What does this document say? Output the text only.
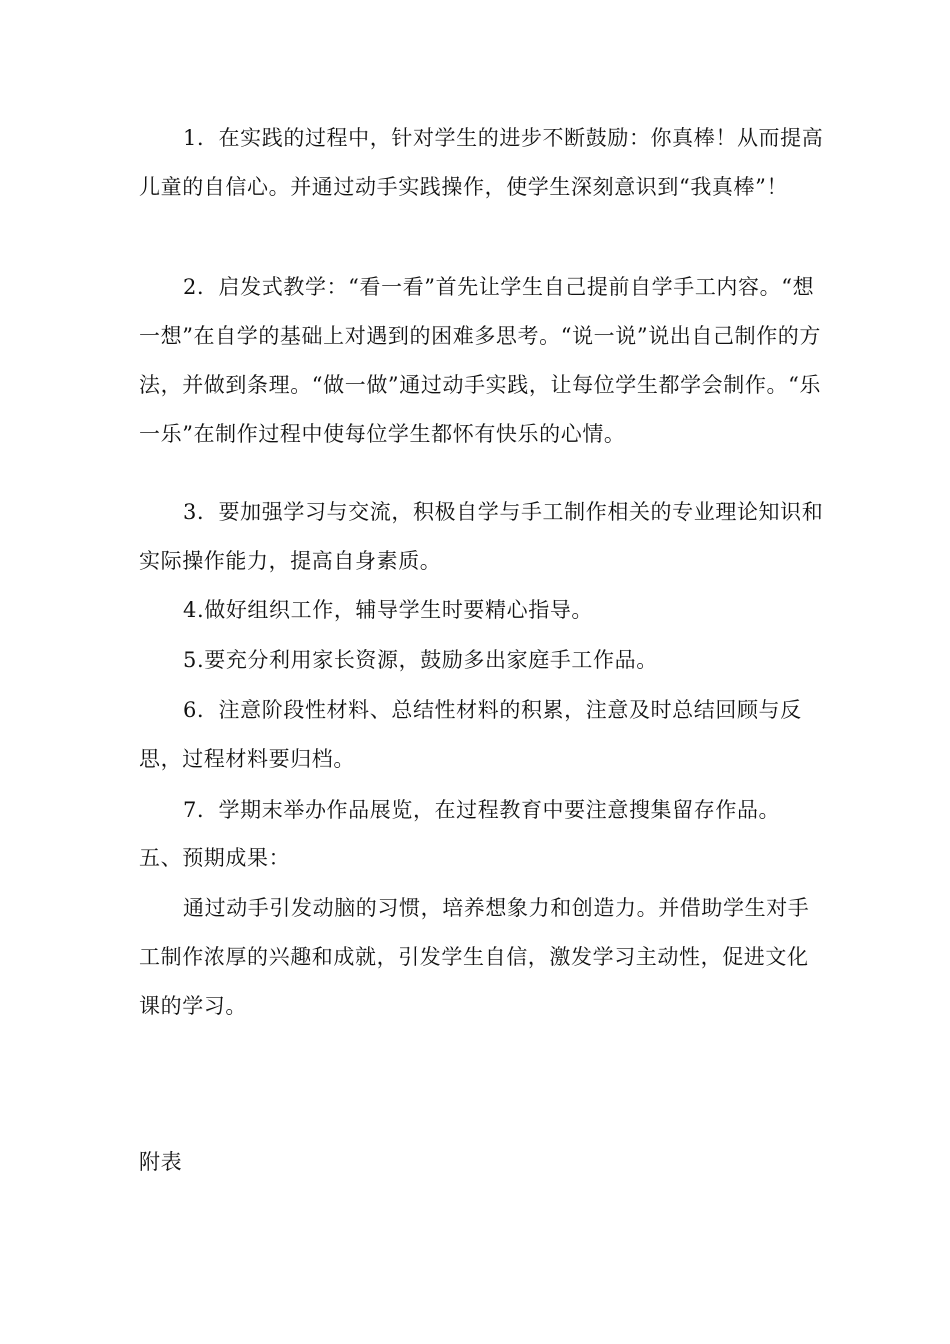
1．在实践的过程中，针对学生的进步不断鼓励：你真棒！从而提高儿童的自信心。并通过动手实践操作，使学生深刻意识到“我真棒”！

2．启发式教学：“看一看”首先让学生自己提前自学手工内容。“想一想”在自学的基础上对遇到的困难多思考。“说一说”说出自己制作的方法，并做到条理。“做一做”通过动手实践，让每位学生都学会制作。“乐一乐”在制作过程中使每位学生都怀有快乐的心情。

3．要加强学习与交流，积极自学与手工制作相关的专业理论知识和实际操作能力，提高自身素质。

4.做好组织工作，辅导学生时要精心指导。

5.要充分利用家长资源，鼓励多出家庭手工作品。

6．注意阶段性材料、总结性材料的积累，注意及时总结回顾与反思，过程材料要归档。

7．学期末举办作品展览，在过程教育中要注意搜集留存作品。

五、预期成果：

通过动手引发动脑的习惯，培养想象力和创造力。并借助学生对手工制作浓厚的兴趣和成就，引发学生自信，激发学习主动性，促进文化课的学习。

附表
